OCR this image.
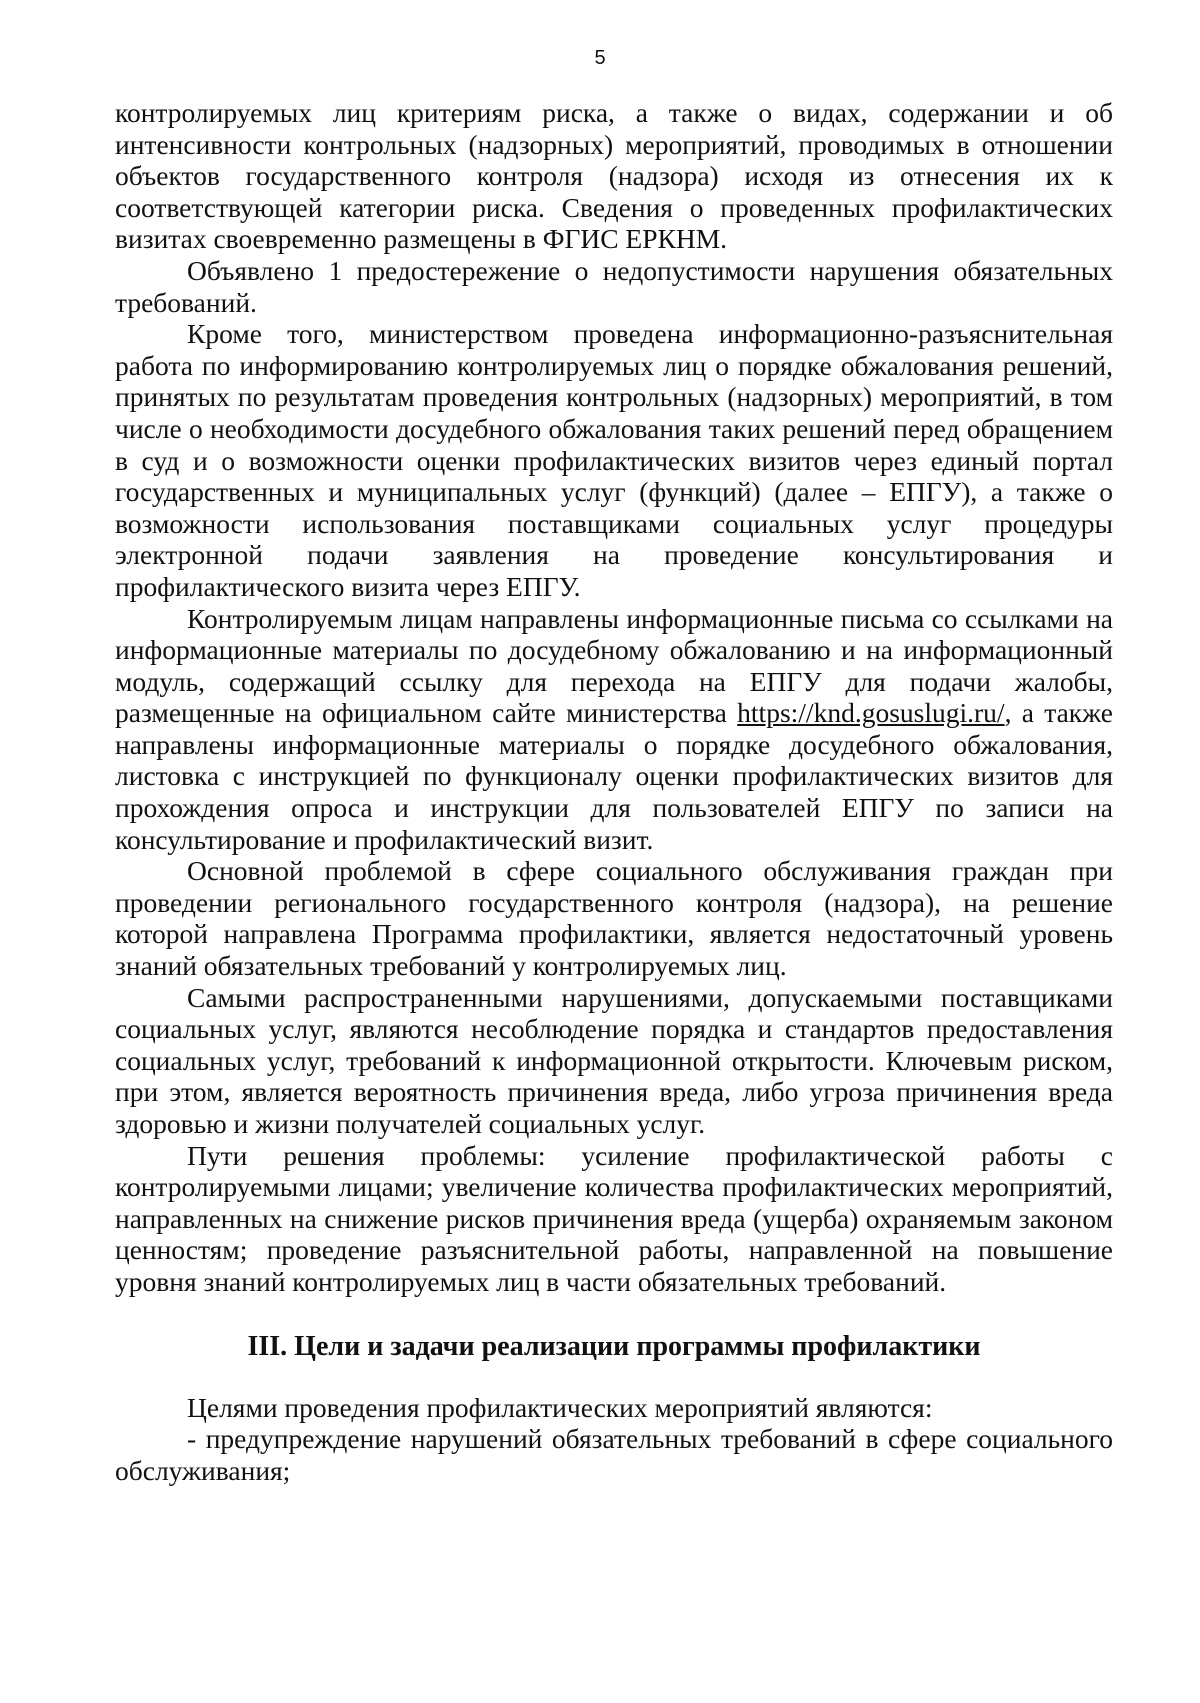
5

контролируемых лиц критериям риска, а также о видах, содержании и об интенсивности контрольных (надзорных) мероприятий, проводимых в отношении объектов государственного контроля (надзора) исходя из отнесения их к соответствующей категории риска. Сведения о проведенных профилактических визитах своевременно размещены в ФГИС ЕРКНМ.

Объявлено 1 предостережение о недопустимости нарушения обязательных требований.

Кроме того, министерством проведена информационно-разъяснительная работа по информированию контролируемых лиц о порядке обжалования решений, принятых по результатам проведения контрольных (надзорных) мероприятий, в том числе о необходимости досудебного обжалования таких решений перед обращением в суд и о возможности оценки профилактических визитов через единый портал государственных и муниципальных услуг (функций) (далее – ЕПГУ), а также о возможности использования поставщиками социальных услуг процедуры электронной подачи заявления на проведение консультирования и профилактического визита через ЕПГУ.

Контролируемым лицам направлены информационные письма со ссылками на информационные материалы по досудебному обжалованию и на информационный модуль, содержащий ссылку для перехода на ЕПГУ для подачи жалобы, размещенные на официальном сайте министерства https://knd.gosuslugi.ru/, а также направлены информационные материалы о порядке досудебного обжалования, листовка с инструкцией по функционалу оценки профилактических визитов для прохождения опроса и инструкции для пользователей ЕПГУ по записи на консультирование и профилактический визит.

Основной проблемой в сфере социального обслуживания граждан при проведении регионального государственного контроля (надзора), на решение которой направлена Программа профилактики, является недостаточный уровень знаний обязательных требований у контролируемых лиц.

Самыми распространенными нарушениями, допускаемыми поставщиками социальных услуг, являются несоблюдение порядка и стандартов предоставления социальных услуг, требований к информационной открытости. Ключевым риском, при этом, является вероятность причинения вреда, либо угроза причинения вреда здоровью и жизни получателей социальных услуг.

Пути решения проблемы: усиление профилактической работы с контролируемыми лицами; увеличение количества профилактических мероприятий, направленных на снижение рисков причинения вреда (ущерба) охраняемым законом ценностям; проведение разъяснительной работы, направленной на повышение уровня знаний контролируемых лиц в части обязательных требований.

III. Цели и задачи реализации программы профилактики

Целями проведения профилактических мероприятий являются:

- предупреждение нарушений обязательных требований в сфере социального обслуживания;
